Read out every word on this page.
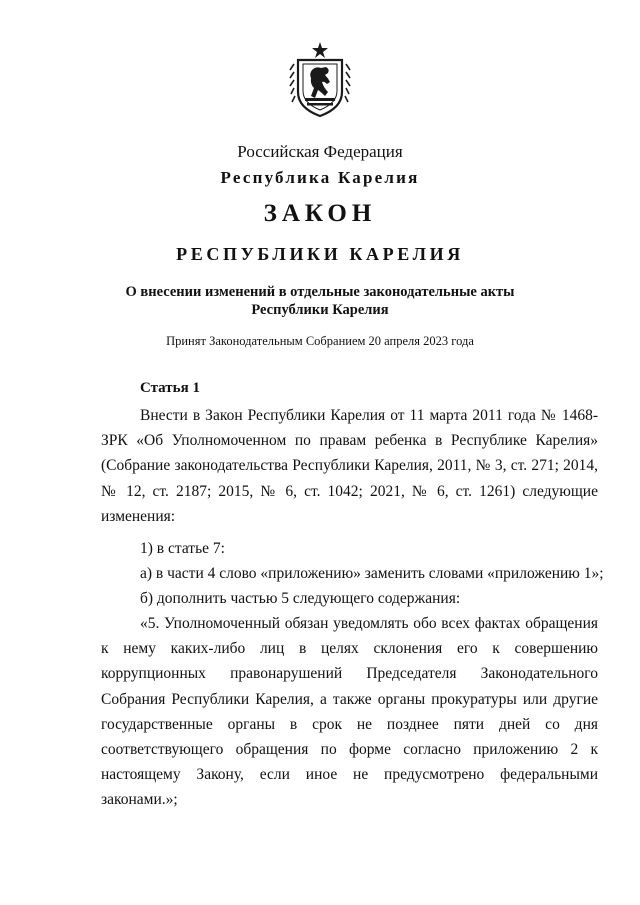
Российская Федерация
Республика Карелия
ЗАКОН
РЕСПУБЛИКИ КАРЕЛИЯ
О внесении изменений в отдельные законодательные акты
Республики Карелия
Принят Законодательным Собранием 20 апреля 2023 года
Статья 1
Внести в Закон Республики Карелия от 11 марта 2011 года № 1468-ЗРК «Об Уполномоченном по правам ребенка в Республике Карелия» (Собрание законодательства Республики Карелия, 2011, № 3, ст. 271; 2014, № 12, ст. 2187; 2015, № 6, ст. 1042; 2021, № 6, ст. 1261) следующие изменения:
1) в статье 7:
а) в части 4 слово «приложению» заменить словами «приложению 1»;
б) дополнить частью 5 следующего содержания:
«5. Уполномоченный обязан уведомлять обо всех фактах обращения к нему каких-либо лиц в целях склонения его к совершению коррупционных правонарушений Председателя Законодательного Собрания Республики Карелия, а также органы прокуратуры или другие государственные органы в срок не позднее пяти дней со дня соответствующего обращения по форме согласно приложению 2 к настоящему Закону, если иное не предусмотрено федеральными законами.»;
